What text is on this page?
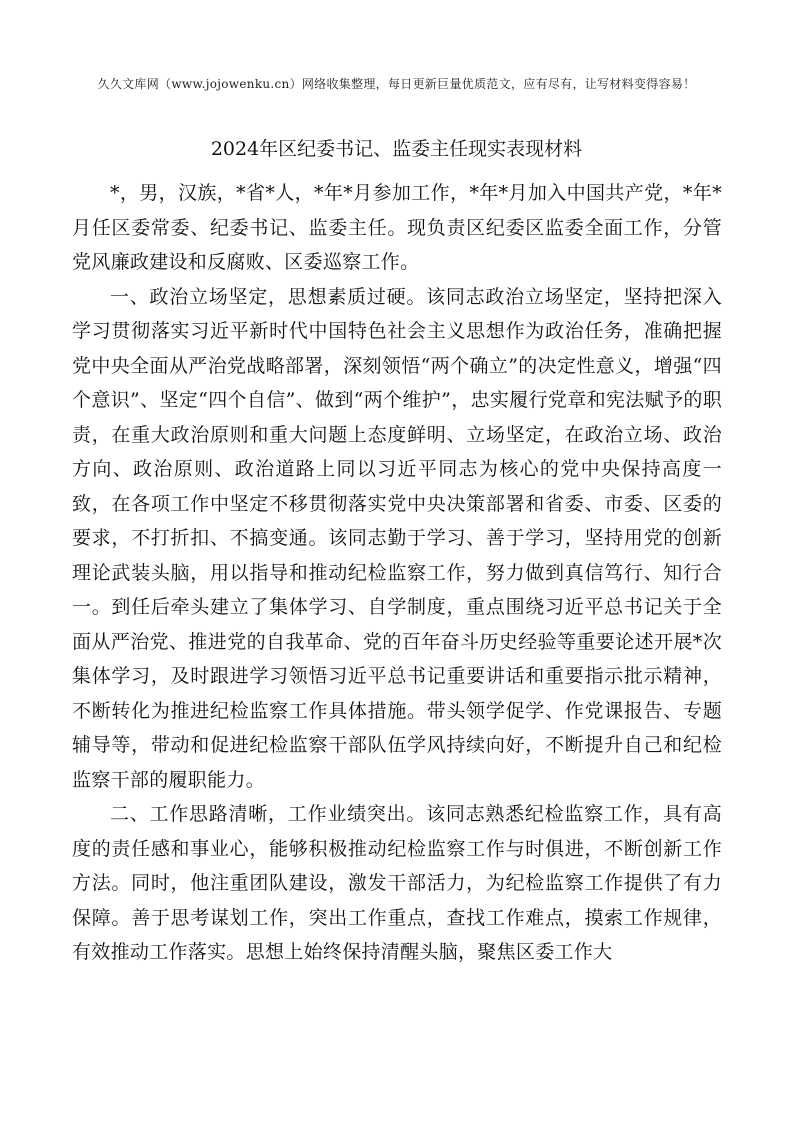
久久文库网（www.jojowenku.cn）网络收集整理，每日更新巨量优质范文，应有尽有，让写材料变得容易！
2024年区纪委书记、监委主任现实表现材料

*，男，汉族，*省*人，*年*月参加工作，*年*月加入中国共产党，*年*月任区委常委、纪委书记、监委主任。现负责区纪委区监委全面工作，分管党风廉政建设和反腐败、区委巡察工作。

一、政治立场坚定，思想素质过硬。该同志政治立场坚定，坚持把深入学习贯彻落实习近平新时代中国特色社会主义思想作为政治任务，准确把握党中央全面从严治党战略部署，深刻领悟“两个确立”的决定性意义，增强“四个意识”、坚定“四个自信”、做到“两个维护”，忠实履行党章和宪法赋予的职责，在重大政治原则和重大问题上态度鲜明、立场坚定，在政治立场、政治方向、政治原则、政治道路上同以习近平同志为核心的党中央保持高度一致，在各项工作中坚定不移贯彻落实党中央决策部署和省委、市委、区委的要求，不打折扣、不搞变通。该同志勤于学习、善于学习，坚持用党的创新理论武装头脑，用以指导和推动纪检监察工作，努力做到真信笃行、知行合一。到任后牵头建立了集体学习、自学制度，重点围绕习近平总书记关于全面从严治党、推进党的自我革命、党的百年奋斗历史经验等重要论述开展*次集体学习，及时跟进学习领悟习近平总书记重要讲话和重要指示批示精神，不断转化为推进纪检监察工作具体措施。带头领学促学、作党课报告、专题辅导等，带动和促进纪检监察干部队伍学风持续向好，不断提升自己和纪检监察干部的履职能力。

二、工作思路清晰，工作业绩突出。该同志熟悉纪检监察工作，具有高度的责任感和事业心，能够积极推动纪检监察工作与时俱进，不断创新工作方法。同时，他注重团队建设，激发干部活力，为纪检监察工作提供了有力保障。善于思考谋划工作，突出工作重点，查找工作难点，摸索工作规律，有效推动工作落实。思想上始终保持清醒头脑，聚焦区委工作大
